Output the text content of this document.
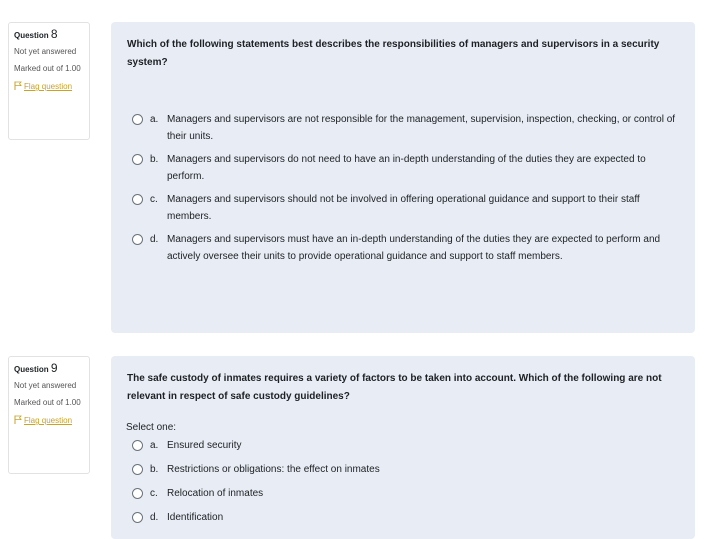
Question 8
Not yet answered
Marked out of 1.00
Flag question
Which of the following statements best describes the responsibilities of managers and supervisors in a security system?
a. Managers and supervisors are not responsible for the management, supervision, inspection, checking, or control of their units.
b. Managers and supervisors do not need to have an in-depth understanding of the duties they are expected to perform.
c. Managers and supervisors should not be involved in offering operational guidance and support to their staff members.
d. Managers and supervisors must have an in-depth understanding of the duties they are expected to perform and actively oversee their units to provide operational guidance and support to staff members.
Question 9
Not yet answered
Marked out of 1.00
Flag question
The safe custody of inmates requires a variety of factors to be taken into account. Which of the following are not relevant in respect of safe custody guidelines?
Select one:
a. Ensured security
b. Restrictions or obligations: the effect on inmates
c. Relocation of inmates
d. Identification
